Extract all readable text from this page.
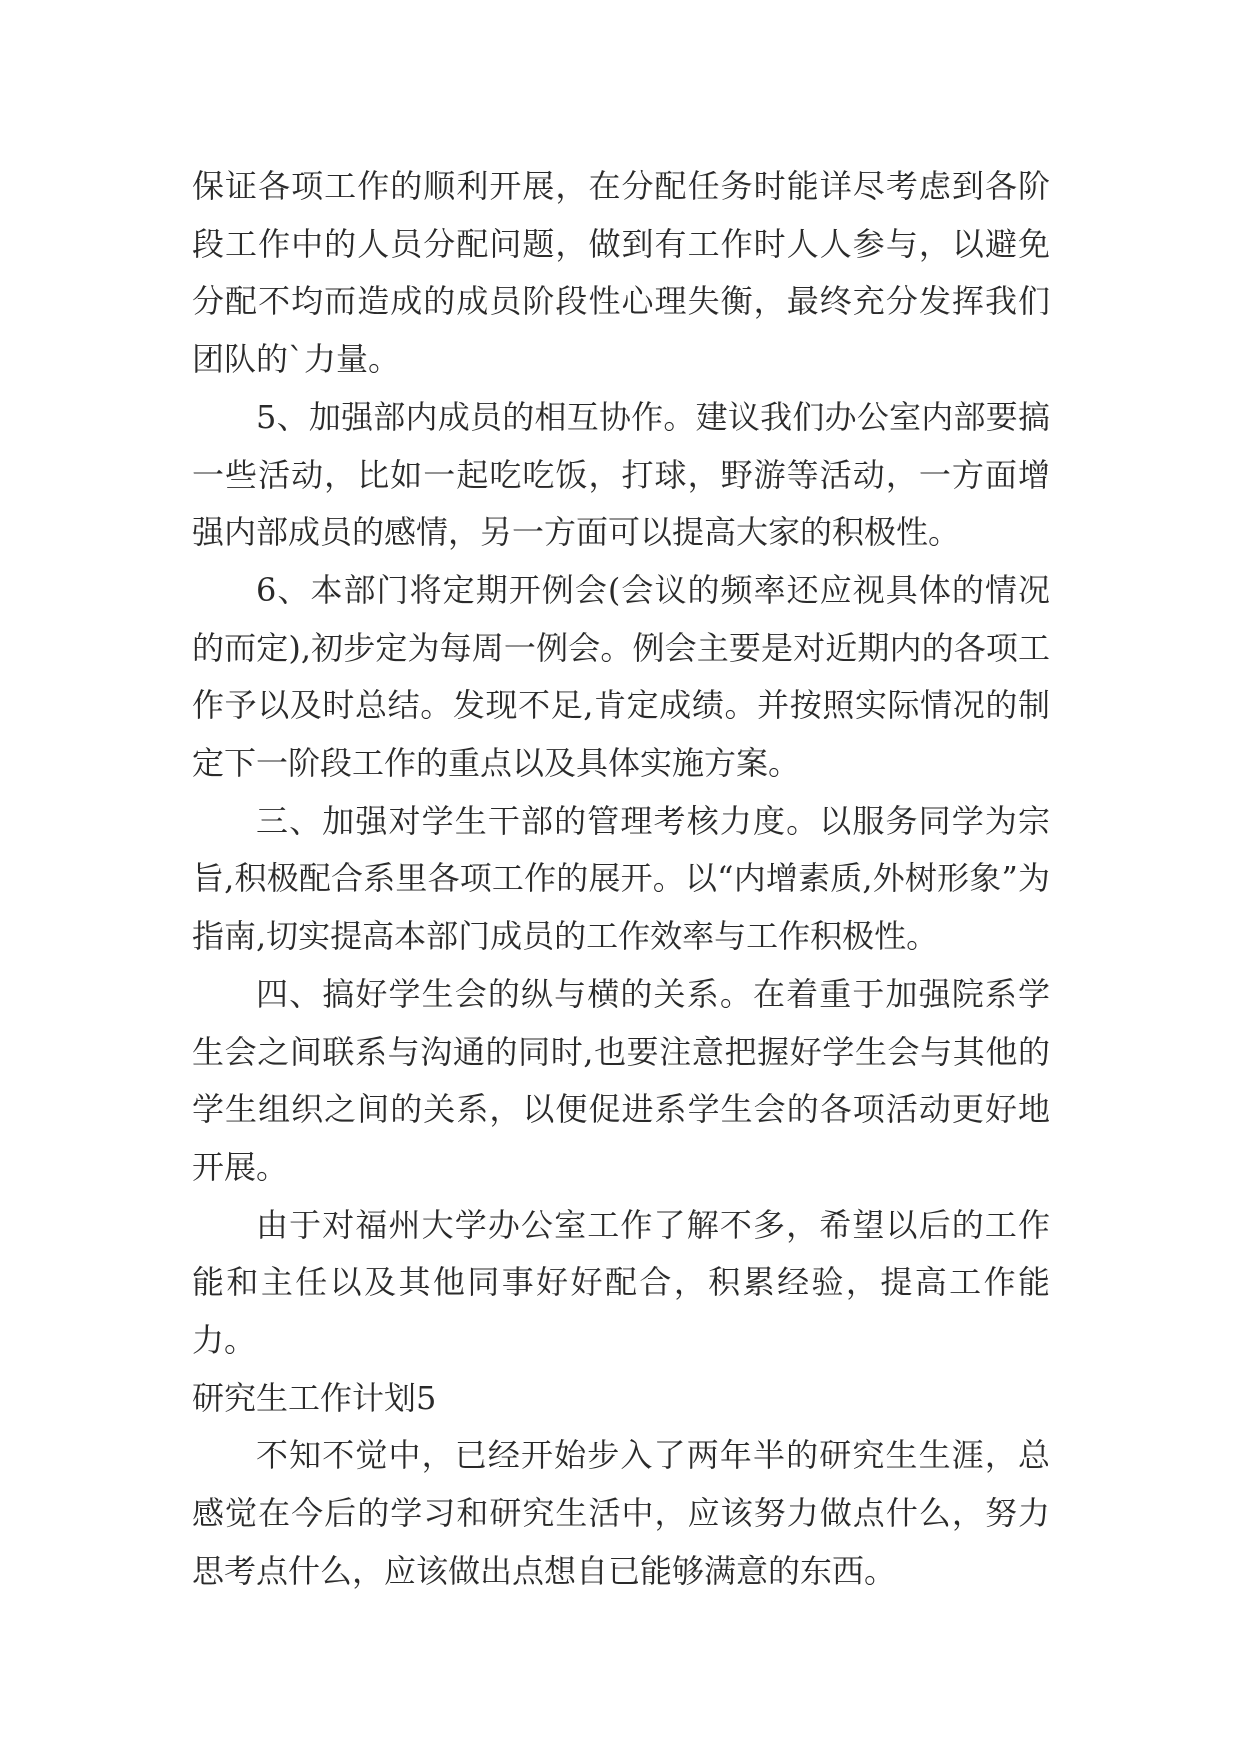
保证各项工作的顺利开展，在分配任务时能详尽考虑到各阶段工作中的人员分配问题，做到有工作时人人参与，以避免分配不均而造成的成员阶段性心理失衡，最终充分发挥我们团队的`力量。

5、加强部内成员的相互协作。建议我们办公室内部要搞一些活动，比如一起吃吃饭，打球，野游等活动，一方面增强内部成员的感情，另一方面可以提高大家的积极性。

6、本部门将定期开例会(会议的频率还应视具体的情况的而定),初步定为每周一例会。例会主要是对近期内的各项工作予以及时总结。发现不足,肯定成绩。并按照实际情况的制定下一阶段工作的重点以及具体实施方案。

三、加强对学生干部的管理考核力度。以服务同学为宗旨,积极配合系里各项工作的展开。以“内增素质,外树形象”为指南,切实提高本部门成员的工作效率与工作积极性。

四、搞好学生会的纵与横的关系。在着重于加强院系学生会之间联系与沟通的同时,也要注意把握好学生会与其他的学生组织之间的关系，以便促进系学生会的各项活动更好地开展。

由于对福州大学办公室工作了解不多，希望以后的工作能和主任以及其他同事好好配合，积累经验，提高工作能力。

研究生工作计划5

不知不觉中，已经开始步入了两年半的研究生生涯，总感觉在今后的学习和研究生活中，应该努力做点什么，努力思考点什么，应该做出点想自已能够满意的东西。
